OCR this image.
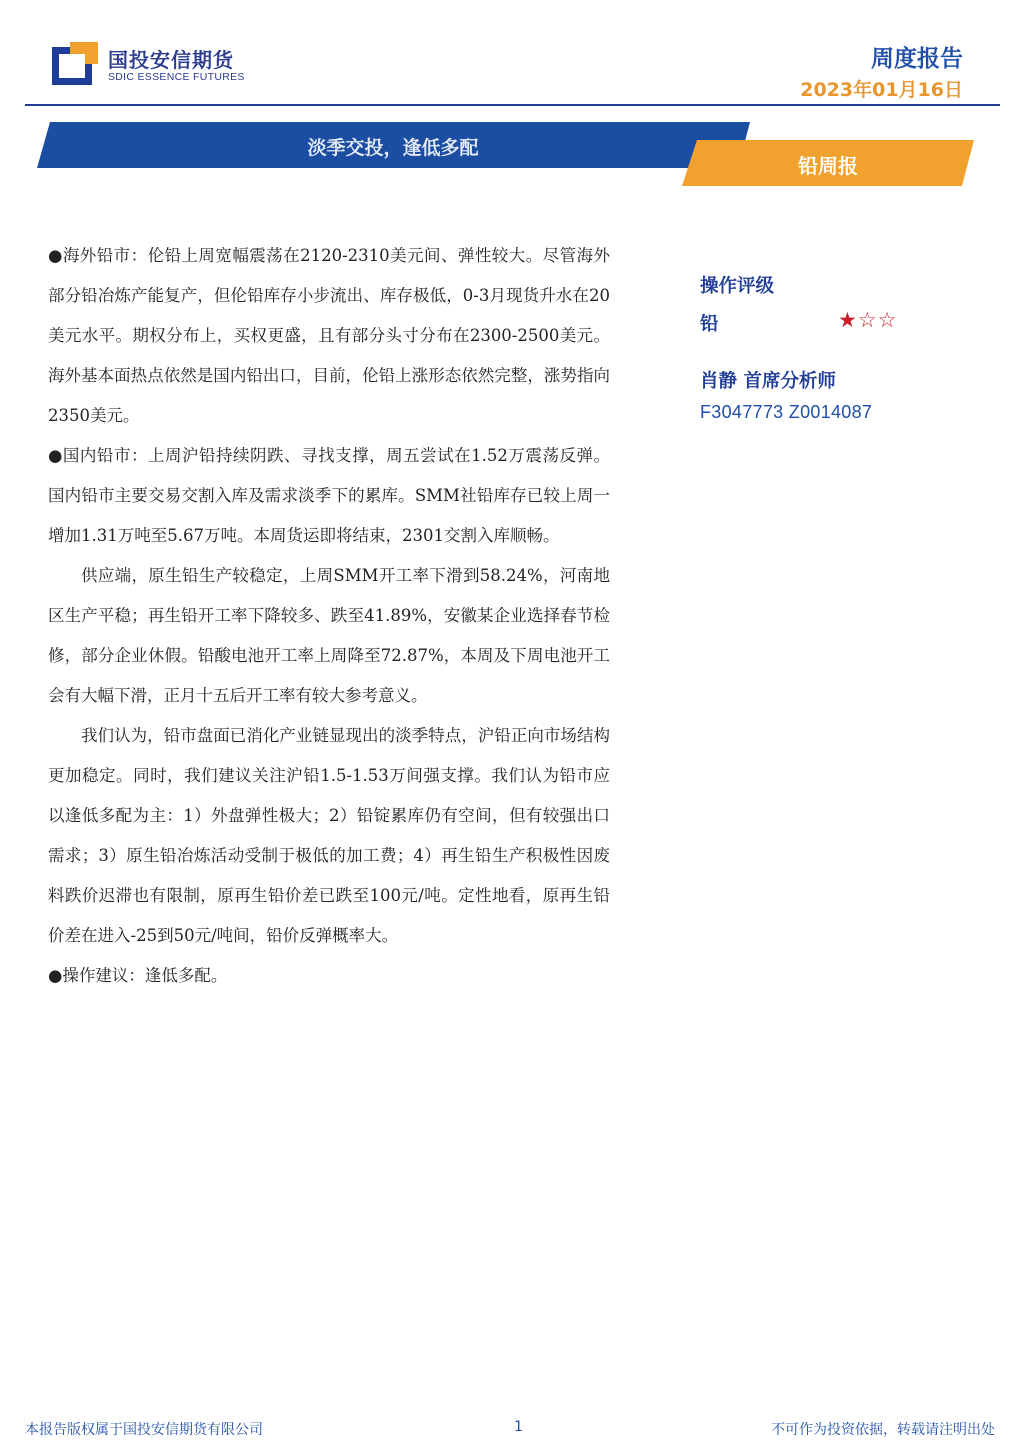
国投安信期货
SDIC ESSENCE FUTURES
周度报告
2023年01月16日
淡季交投，逢低多配
铅周报

●海外铅市：伦铅上周宽幅震荡在2120-2310美元间、弹性较大。尽管海外部分铅冶炼产能复产，但伦铅库存小步流出、库存极低，0-3月现货升水在20美元水平。期权分布上，买权更盛，且有部分头寸分布在2300-2500美元。海外基本面热点依然是国内铅出口，目前，伦铅上涨形态依然完整，涨势指向2350美元。

●国内铅市：上周沪铅持续阴跌、寻找支撑，周五尝试在1.52万震荡反弹。国内铅市主要交易交割入库及需求淡季下的累库。SMM社铅库存已较上周一增加1.31万吨至5.67万吨。本周货运即将结束，2301交割入库顺畅。

供应端，原生铅生产较稳定，上周SMM开工率下滑到58.24%，河南地区生产平稳；再生铅开工率下降较多、跌至41.89%，安徽某企业选择春节检修，部分企业休假。铅酸电池开工率上周降至72.87%，本周及下周电池开工会有大幅下滑，正月十五后开工率有较大参考意义。

我们认为，铅市盘面已消化产业链显现出的淡季特点，沪铅正向市场结构更加稳定。同时，我们建议关注沪铅1.5-1.53万间强支撑。我们认为铅市应以逢低多配为主：1）外盘弹性极大；2）铅锭累库仍有空间，但有较强出口需求；3）原生铅冶炼活动受制于极低的加工费；4）再生铅生产积极性因废料跌价迟滞也有限制，原再生铅价差已跌至100元/吨。定性地看，原再生铅价差在进入-25到50元/吨间，铅价反弹概率大。

●操作建议：逢低多配。

操作评级
铅	★☆☆
肖静 首席分析师
F3047773 Z0014087
本报告版权属于国投安信期货有限公司	1	不可作为投资依据，转载请注明出处
